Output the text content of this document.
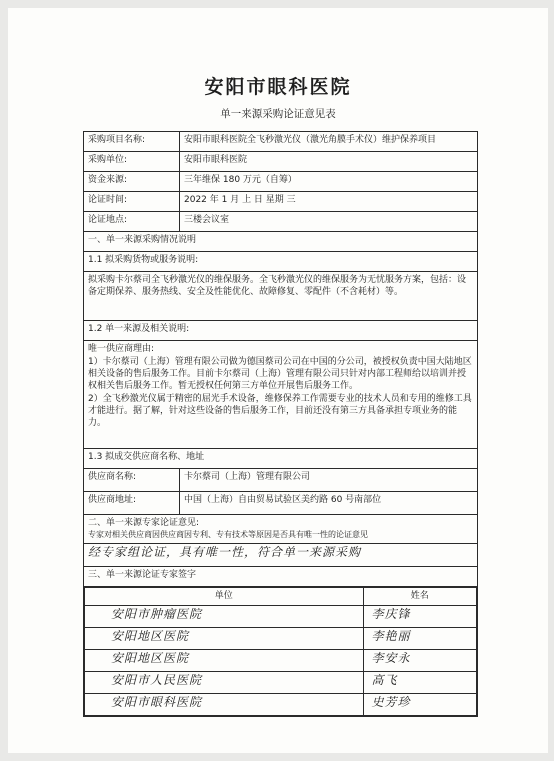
安阳市眼科医院
单一来源采购论证意见表
采购项目名称:	安阳市眼科医院全飞秒激光仪（激光角膜手术仪）维护保养项目
采购单位:	安阳市眼科医院
资金来源:	三年维保 180 万元（自筹）
论证时间:	2022 年 1 月 上 日 星期 三
论证地点:	三楼会议室
一、单一来源采购情况说明
1.1 拟采购货物或服务说明:
拟采购卡尔蔡司全飞秒激光仪的维保服务。全飞秒激光仪的维保服务为无忧服务方案，包括：设备定期保养、服务热线、安全及性能优化、故障修复、零配件（不含耗材）等。
1.2 单一来源及相关说明:

唯一供应商理由:

1）卡尔蔡司（上海）管理有限公司做为德国蔡司公司在中国的分公司，被授权负责中国大陆地区相关设备的售后服务工作。目前卡尔蔡司（上海）管理有限公司只针对内部工程师给以培训并授权相关售后服务工作。暂无授权任何第三方单位开展售后服务工作。

2）全飞秒激光仪属于精密的屈光手术设备，维修保养工作需要专业的技术人员和专用的维修工具才能进行。据了解，针对这些设备的售后服务工作，目前还没有第三方具备承担专项业务的能力。

1.3 拟成交供应商名称、地址
供应商名称:	卡尔蔡司（上海）管理有限公司
供应商地址:	中国（上海）自由贸易试验区美约路 60 号南部位

二、单一来源专家论证意见:
专家对相关供应商因供应商因专利、专有技术等原因是否具有唯一性的论证意见

经专家组论证，具有唯一性，符合单一来源采购
三、单一来源论证专家签字

单位	姓名
安阳市肿瘤医院	李庆锋
安阳地区医院	李艳丽
安阳地区医院	李安永
安阳市人民医院	高飞
安阳市眼科医院	史芳珍
